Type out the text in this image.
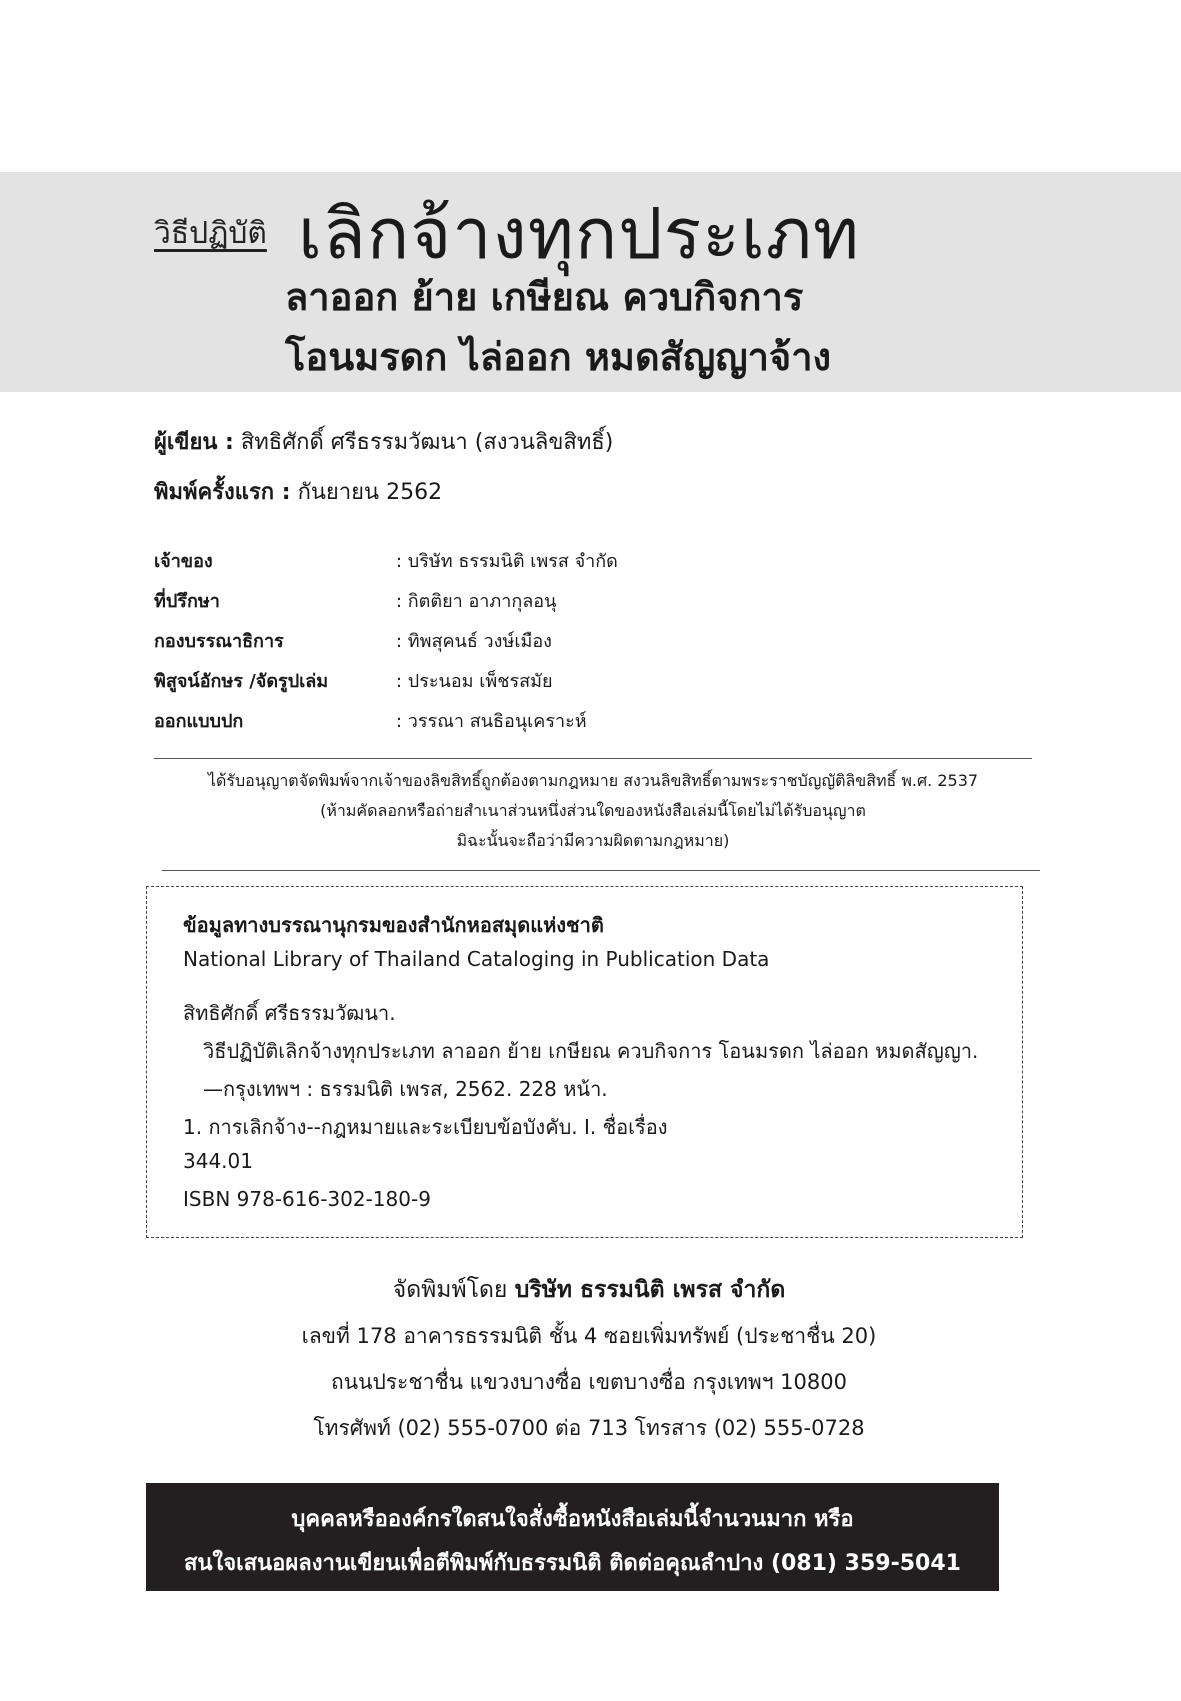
วิธีปฏิบัติ เลิกจ้างทุกประเภท
ลาออก ย้าย เกษียณ ควบกิจการ
โอนมรดก ไล่ออก หมดสัญญาจ้าง
ผู้เขียน : สิทธิศักดิ์ ศรีธรรมวัฒนา (สงวนลิขสิทธิ์)
พิมพ์ครั้งแรก : กันยายน 2562
เจ้าของ	: บริษัท ธรรมนิติ เพรส จำกัด
ที่ปรึกษา	: กิตติยา อาภากุลอนุ
กองบรรณาธิการ	: ทิพสุคนธ์ วงษ์เมือง
พิสูจน์อักษร /จัดรูปเล่ม	: ประนอม เพ็ชรสมัย
ออกแบบปก	: วรรณา สนธิอนุเคราะห์
ได้รับอนุญาตจัดพิมพ์จากเจ้าของลิขสิทธิ์ถูกต้องตามกฎหมาย สงวนลิขสิทธิ์ตามพระราชบัญญัติลิขสิทธิ์ พ.ศ. 2537
(ห้ามคัดลอกหรือถ่ายสำเนาส่วนหนึ่งส่วนใดของหนังสือเล่มนี้โดยไม่ได้รับอนุญาต
มิฉะนั้นจะถือว่ามีความผิดตามกฎหมาย)
ข้อมูลทางบรรณานุกรมของสำนักหอสมุดแห่งชาติ
National Library of Thailand Cataloging in Publication Data
สิทธิศักดิ์ ศรีธรรมวัฒนา.
วิธีปฏิบัติเลิกจ้างทุกประเภท ลาออก ย้าย เกษียณ ควบกิจการ โอนมรดก ไล่ออก หมดสัญญา.
—กรุงเทพฯ : ธรรมนิติ เพรส, 2562. 228 หน้า.
1. การเลิกจ้าง--กฎหมายและระเบียบข้อบังคับ. I. ชื่อเรื่อง
344.01
ISBN 978-616-302-180-9
จัดพิมพ์โดย บริษัท ธรรมนิติ เพรส จำกัด
เลขที่ 178 อาคารธรรมนิติ ชั้น 4 ซอยเพิ่มทรัพย์ (ประชาชื่น 20)
ถนนประชาชื่น แขวงบางซื่อ เขตบางซื่อ กรุงเทพฯ 10800
โทรศัพท์ (02) 555-0700 ต่อ 713 โทรสาร (02) 555-0728
บุคคลหรือองค์กรใดสนใจสั่งซื้อหนังสือเล่มนี้จำนวนมาก หรือ
สนใจเสนอผลงานเขียนเพื่อตีพิมพ์กับธรรมนิติ ติดต่อคุณลำปาง (081) 359-5041
